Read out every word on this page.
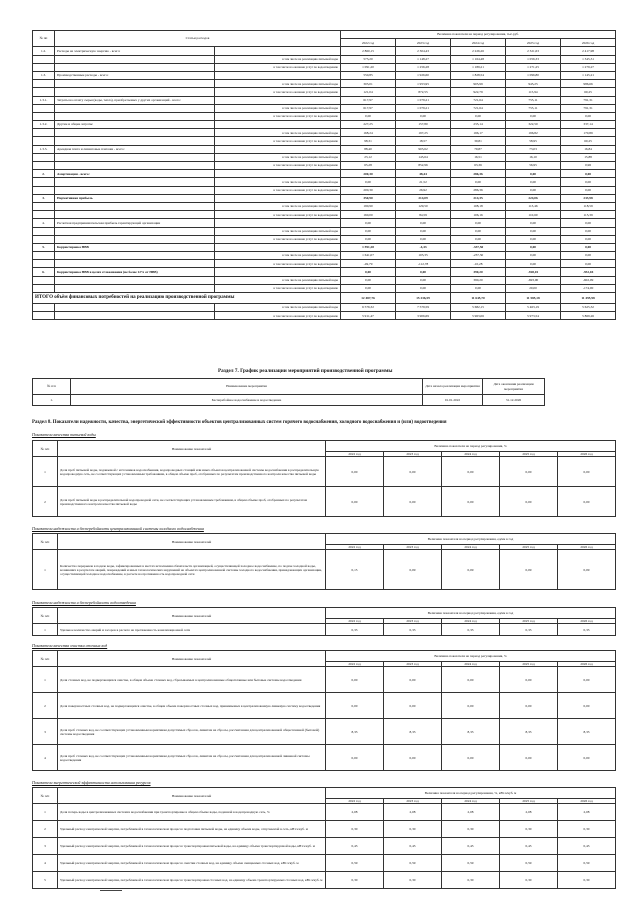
№ пп	Статьи расходов		Величина показателя на период регулирования, тыс.руб.				
			2022 год	2023 год	2024 год	2025 год	2026 год
1.2.	Расходы на электрическую энергию - всего:		2 860,15	2 304,43	2 226,26	2 321,63	2 417,98
		в том числе на реализацию питьевой воды	573,20	1 148,27	1 164,48	1 056,33	1 345,31
		в том числе на оказание услуг по водоотведению	1 091,20	1 256,28	1 189,21	1 271,25	1 279,27
1.3.	Производственные расходы - всего:		550,85	1 926,60	1 828,54	1 096,80	1 145,21
		в том числе на реализацию питьевой воды	303,01	1 953,95	905,99	945,25	986,66
		в том числе на оказание услуг по водоотведению	121,04	872,55	922,79	115,94	60,25
1.3.1.	Затраты на оплату сырья (воды, тепла), приобретаемых у других организаций - всего:		617,97	1 079,21	721,64	755,11	791,31
		в том числе на реализацию питьевой воды	617,97	1 079,21	721,64	755,11	791,31
		в том числе на оказание услуг по водоотведению	0,00	0,00	0,00	0,00	0,00
1.3.2.	Другие и общие затраты:		227,25	157,80	235,14	322,50	337,14
		в том числе на реализацию питьевой воды	168,24	197,25	196,17	196,82	170,89
		в том числе на оказание услуг по водоотведению	98,31	18,57	39,81	58,95	60,25
1.3.3.	Арендная плата и лизинговые платежи - всего:		88,40	903,62	79,87	73,03	16,84
		в том числе на реализацию питьевой воды	23,12	145,64	16,51	16,10	15,88
		в том числе на оказание услуг по водоотведению	65,28	852,96	63,36	56,95	0,96
2.	Амортизация - всего:		200,30	48,44	286,36	0,00	0,00
		в том числе на реализацию питьевой воды	0,00	21,52	0,00	0,00	0,00
		в том числе на оказание услуг по водоотведению	200,30	26,92	286,36	0,00	0,00
3.	Нормативная прибыль		350,90	214,09	214,35	224,06	233,98
		в том числе на реализацию питьевой воды	190,90	129,50	108,18	113,46	118,59
		в том числе на оказание услуг по водоотведению	160,00	84,59	106,16	110,60	115,39
4.	Расчетная предпринимательская прибыль гарантирующей организации		0,00	0,00	0,00	0,00	0,00
		в том числе на реализацию питьевой воды	0,00	0,00	0,00	0,00	0,00
		в том числе на оказание услуг по водоотведению	0,00	0,00	0,00	0,00	0,00
5.	Корректировка НВВ		1 591,28	-4,43	-337,50	0,00	0,00
		в том числе на реализацию питьевой воды	1 641,07	103,35	-237,50	0,00	0,00
		в том числе на оказание услуг по водоотведению	-49,79	-112,78	-10,28	0,00	0,00
6.	Корректировка НВВ в целях сглаживания (не более 12% от НВВ)		0,00	0,00	390,20	-928,01	-932,04
		в том числе на реализацию питьевой воды	0,00	0,00	390,20	-693,00	-602,09
		в том числе на оказание услуг по водоотведению	0,00	0,00	0,00	20,00	-174,00
ИТОГО объём финансовых потребностей на реализацию производственной программы			12 487,76	15 236,59	11 645,70	11 585,18	11 495,98
		в том числе на реализацию питьевой воды	6 576,32	7 579,59	5 682,15	5 463,19	5 625,32
		в том числе на оказание услуг по водоотведению	5 911,47	3 906,69	5 963,06	5 973,54	5 869,26
Раздел 7. График реализации мероприятий производственной программы
№ п/п	Наименование мероприятия	Дата начала реализации мероприятия	Дата окончания реализации мероприятия	
1.	Бесперебойное водоснабжение и водоотведение	01.01.2022	31.12.2026	
Раздел 8. Показатели надежности, качества, энергетической эффективности объектов централизованных систем горячего водоснабжения, холодного водоснабжения и (или) водоотведения
Показатели качества питьевой воды
№ п/п	Наименование показателей	Величина показателя на период регулирования, %				
		2022 год	2023 год	2024 год	2025 год	2026 год
1	Доля проб питьевой воды, подаваемой с источников водоснабжения, водопроводных станций или иных объектов централизованной системы водоснабжения в распределительную водопроводную сеть, не соответствующих установленным требованиям, в общем объеме проб, отобранных по результатам производственного контроля качества питьевой воды	0,00	0,00	0,00	0,00	0,00
2	Доля проб питьевой воды в распределительной водопроводной сети, не соответствующих установленным требованиям, в общем объеме проб, отобранных по результатам производственного контроля качества питьевой воды	0,00	0,00	0,00	0,00	0,00
Показатели надежности и бесперебойности централизованной системы холодного водоснабжения
№ п/п	Наименование показателей	Величина показателя на период регулирования, ед/км в год				
		2022 год	2023 год	2024 год	2025 год	2026 год
1	Количество перерывов в подаче воды, зафиксированных в местах исполнения обязательств организацией, осуществляющей холодное водоснабжение, по подаче холодной воды, возникших в результате аварий, повреждений и иных технологических нарушений на объектах централизованной системы холодного водоснабжения, принадлежащих организации, осуществляющей холодное водоснабжение, в расчете на протяженность водопроводной сети	0,15	0,09	0,09	0,09	0,09
Показатели надежности и бесперебойности водоотведения
№ п/п	Наименование показателей	Величина показателя на период регулирования, ед/км в год				
		2022 год	2023 год	2024 год	2025 год	2026 год
1	Удельное количество аварий и засоров в расчете на протяженность канализационной сети	0,33	0,33	0,33	0,33	0,33
Показатели качества очистки сточных вод
№ п/п	Наименование показателей	Величина показателя на период регулирования, %				
		2022 год	2023 год	2024 год	2025 год	2026 год
1	Доля сточных вод, не подвергающихся очистке, в общем объеме сточных вод, сбрасываемых в централизованные общесплавные или бытовые системы водоотведения	0,00	0,00	0,00	0,00	0,00
2	Доля поверхностных сточных вод, не подвергающихся очистке, в общем объеме поверхностных сточных вод, принимаемых в централизованную ливневую систему водоотведения	0,00	0,00	0,00	0,00	0,00
3	Доля проб сточных вод, не соответствующих установленным нормативам допустимых сбросов, лимитам на сбросы, рассчитанная для централизованной общесплавной (бытовой) системы водоотведения	8,33	8,33	8,33	8,33	8,33
4	Доля проб сточных вод, не соответствующих установленным нормативам допустимых сбросов, лимитам на сбросы, рассчитанная для централизованной ливневой системы водоотведения	0,00	0,00	0,00	0,00	0,00
Показатели энергетической эффективности использования ресурсов
№ п/п	Наименование показателей	Величина показателя на период регулирования, %, кВт.ч/куб. м				
		2022 год	2023 год	2024 год	2025 год	2026 год
1	Доля потерь воды в централизованных системах водоснабжения при транспортировке в общем объеме воды, поданной в водопроводную сеть, %	2,08	2,08	2,08	2,08	2,08
2	Удельный расход электрической энергии, потребляемой в технологическом процессе подготовки питьевой воды, на единицу объема воды, отпускаемой в сеть, кВт.ч/куб. м	0,30	0,30	0,30	0,30	0,30
3	Удельный расход электрической энергии, потребляемой в технологическом процессе транспортировки питьевой воды, на единицу объема транспортируемой воды, кВт.ч/куб. м	0,43	0,43	0,43	0,43	0,43
4	Удельный расход электрической энергии, потребляемой в технологическом процессе очистки сточных вод, на единицу объема очищаемых сточных вод, кВт.ч/куб. м	0,59	0,59	0,59	0,59	0,59
5	Удельный расход электрической энергии, потребляемой в технологическом процессе транспортировки сточных вод, на единицу объема транспортируемых сточных вод, кВт.ч/куб. м	0,30	0,30	0,30	0,30	0,30
